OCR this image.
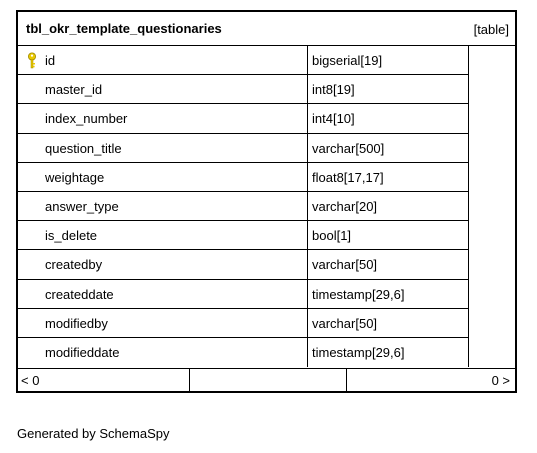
tbl_okr_template_questionaries	[table]
id	bigserial[19]
master_id	int8[19]
index_number	int4[10]
question_title	varchar[500]
weightage	float8[17,17]
answer_type	varchar[20]
is_delete	bool[1]
createdby	varchar[50]
createddate	timestamp[29,6]
modifiedby	varchar[50]
modifieddate	timestamp[29,6]
< 0	0 >
Generated by SchemaSpy
